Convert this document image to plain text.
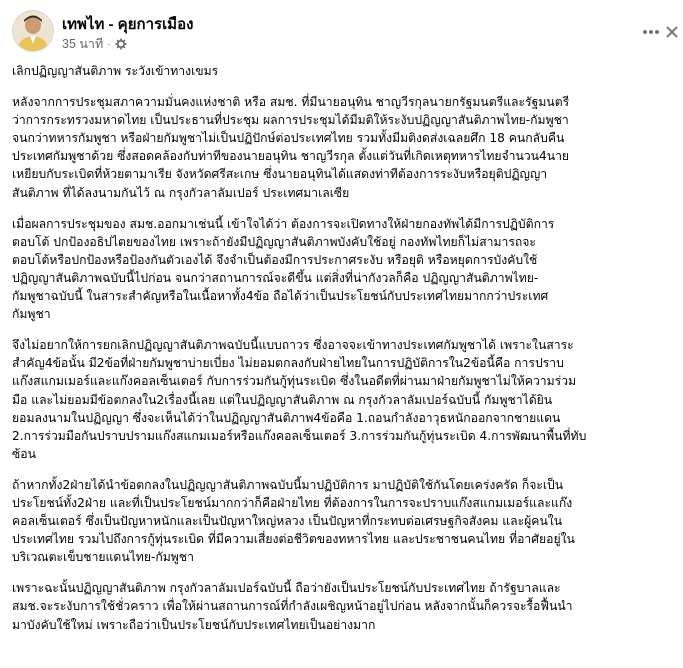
เทพไท - คุยการเมือง
35 นาที ·

เลิกปฏิญญาสันติภาพ ระวังเข้าทางเขมร

หลังจากการประชุมสภาความมั่นคงแห่งชาติ หรือ สมช. ที่มีนายอนุทิน ชาญวีรกุลนายกรัฐมนตรีและรัฐมนตรี
ว่าการกระทรวงมหาดไทย เป็นประธานที่ประชุม ผลการประชุมได้มีมติให้ระงับปฏิญญาสันติภาพไทย-กัมพูชา
จนกว่าทหารกัมพูชา หรือฝ่ายกัมพูชาไม่เป็นปฏิปักษ์ต่อประเทศไทย รวมทั้งมีมติงดส่งเฉลยศึก 18 คนกลับคืน
ประเทศกัมพูชาด้วย ซึ่งสอดคล้องกับท่าทีของนายอนุทิน ชาญวีรกุล ตั้งแต่วันที่เกิดเหตุทหารไทยจำนวน4นาย
เหยียบกับระเบิดที่ห้วยตามาเรีย จังหวัดศรีสะเกษ ซึ่งนายอนุทินได้แสดงท่าทีต้องการระงับหรือยุติปฏิญญา
สันติภาพ ที่ได้ลงนามกันไว้ ณ กรุงกัวลาลัมเปอร์ ประเทศมาเลเซีย

เมื่อผลการประชุมของ สมช.ออกมาเช่นนี้ เข้าใจได้ว่า ต้องการจะเปิดทางให้ฝ่ายกองทัพได้มีการปฏิบัติการ
ตอบโต้ ปกป้องอธิปไตยของไทย เพราะถ้ายังมีปฏิญญาสันติภาพบังคับใช้อยู่ กองทัพไทยก็ไม่สามารถจะ
ตอบโต้หรือปกป้องหรือป้องกันตัวเองได้ จึงจำเป็นต้องมีการประกาศระงับ หรือยุติ หรือหยุดการบังคับใช้
ปฏิญญาสันติภาพฉบับนี้ไปก่อน จนกว่าสถานการณ์จะดีขึ้น แต่สิ่งที่น่ากังวลก็คือ ปฏิญญาสันติภาพไทย-
กัมพูชาฉบับนี้ ในสาระสำคัญหรือในเนื้อหาทั้ง4ข้อ ถือได้ว่าเป็นประโยชน์กับประเทศไทยมากกว่าประเทศ
กัมพูชา

จึงไม่อยากให้การยกเลิกปฏิญญาสันติภาพฉบับนี้แบบถาวร ซึ่งอาจจะเข้าทางประเทศกัมพูชาได้ เพราะในสาระ
สำคัญ4ข้อนั้น มี2ข้อที่ฝ่ายกัมพูชาบ่ายเบี่ยง ไม่ยอมตกลงกับฝ่ายไทยในการปฏิบัติการใน2ข้อนี้คือ การปราบ
แก๊งสแกมเมอร์และแก๊งคอลเซ็นเตอร์ กับการร่วมกันกู้ทุ่นระเบิด ซึ่งในอดีตที่ผ่านมาฝ่ายกัมพูชาไม่ให้ความร่วม
มือ และไม่ยอมมีข้อตกลงใน2เรื่องนี้เลย แต่ในปฏิญญาสันติภาพ ณ กรุงกัวลาลัมเปอร์ฉบับนี้ กัมพูชาได้ยิน
ยอมลงนามในปฏิญญา ซึ่งจะเห็นได้ว่าในปฏิญญาสันติภาพ4ข้อคือ 1.ถอนกำลังอาวุธหนักออกจากชายแดน
2.การร่วมมือกันปราบปรามแก๊งสแกมเมอร์หรือแก๊งคอลเซ็นเตอร์ 3.การร่วมกันกู้ทุ่นระเบิด 4.การพัฒนาพื้นที่ทับ
ซ้อน

ถ้าหากทั้ง2ฝ่ายได้นำข้อตกลงในปฏิญญาสันติภาพฉบับนี้มาปฏิบัติการ มาปฏิบัติใช้กันโดยเคร่งครัด ก็จะเป็น
ประโยชน์ทั้ง2ฝ่าย และที่เป็นประโยชน์มากกว่าก็คือฝ่ายไทย ที่ต้องการในการจะปราบแก๊งสแกมเมอร์และแก๊ง
คอลเซ็นเตอร์ ซึ่งเป็นปัญหาหนักและเป็นปัญหาใหญ่หลวง เป็นปัญหาที่กระทบต่อเศรษฐกิจสังคม และผู้คนใน
ประเทศไทย รวมไปถึงการกู้ทุ่นระเบิด ที่มีความเสี่ยงต่อชีวิตของทหารไทย และประชาชนคนไทย ที่อาศัยอยู่ใน
บริเวณตะเข็บชายแดนไทย-กัมพูชา

เพราะฉะนั้นปฏิญญาสันติภาพ กรุงกัวลาลัมเปอร์ฉบับนี้ ถือว่ายังเป็นประโยชน์กับประเทศไทย ถ้ารัฐบาลและ
สมช.จะระงับการใช้ชั่วคราว เพื่อให้ผ่านสถานการณ์ที่กำลังเผชิญหน้าอยู่ไปก่อน หลังจากนั้นก็ควรจะรื้อฟื้นนำ
มาบังคับใช้ใหม่ เพราะถือว่าเป็นประโยชน์กับประเทศไทยเป็นอย่างมาก
